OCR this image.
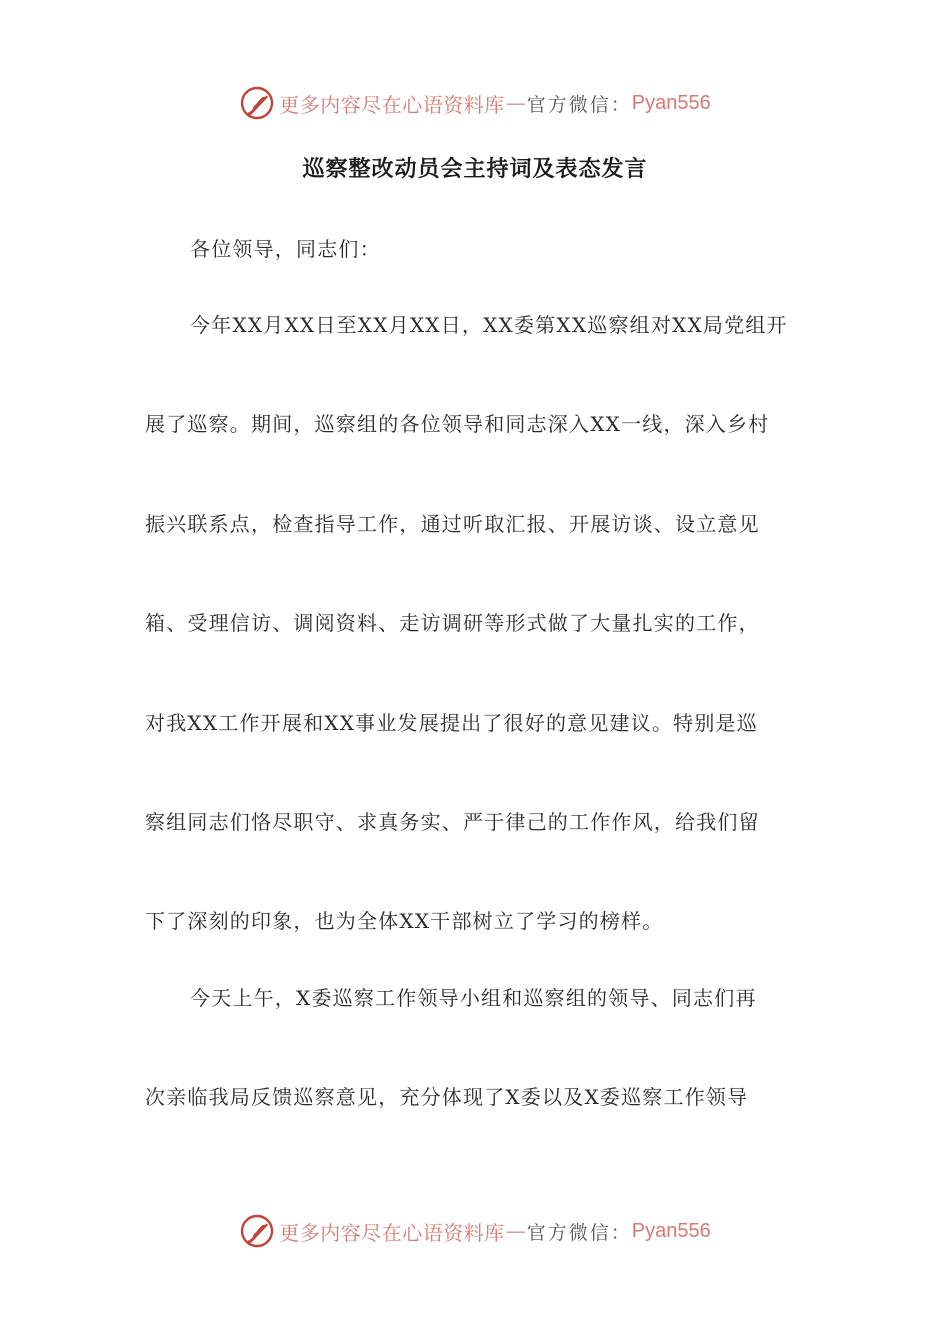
更多内容尽在心语资料库 — 官方微信： Pyan556
巡察整改动员会主持词及表态发言
各位领导，同志们：
今年XX月XX日至XX月XX日，XX委第XX巡察组对XX局党组开
展了巡察。期间，巡察组的各位领导和同志深入XX一线，深入乡村
振兴联系点，检查指导工作，通过听取汇报、开展访谈、设立意见
箱、受理信访、调阅资料、走访调研等形式做了大量扎实的工作，
对我XX工作开展和XX事业发展提出了很好的意见建议。特别是巡
察组同志们恪尽职守、求真务实、严于律己的工作作风，给我们留
下了深刻的印象，也为全体XX干部树立了学习的榜样。
今天上午，X委巡察工作领导小组和巡察组的领导、同志们再
次亲临我局反馈巡察意见，充分体现了X委以及X委巡察工作领导
更多内容尽在心语资料库 — 官方微信： Pyan556
